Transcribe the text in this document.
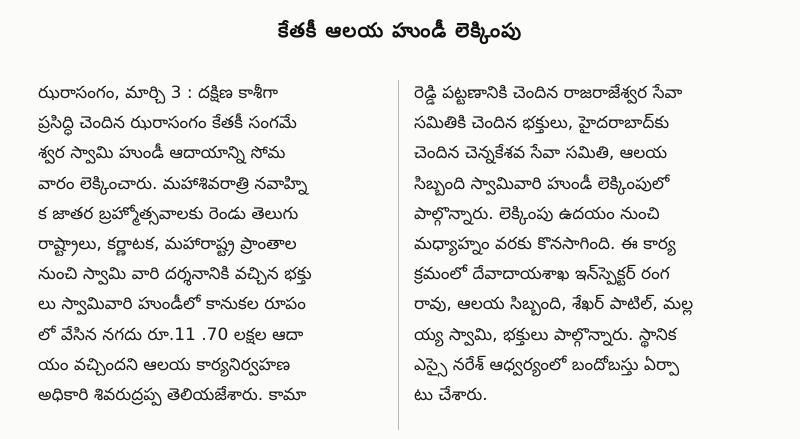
కేతకీ ఆలయ హుండీ లెక్కింపు
ఝరాసంగం, మార్చి 3 : దక్షిణ కాశీగా
ప్రసిద్ధి చెందిన ఝరాసంగం కేతకీ సంగమే
శ్వర స్వామి హుండీ ఆదాయాన్ని సోమ
వారం లెక్కించారు. మహాశివరాత్రి నవాహ్ని
క జాతర బ్రహ్మోత్సవాలకు రెండు తెలుగు
రాష్ట్రాలు, కర్ణాటక, మహారాష్ట్ర ప్రాంతాల
నుంచి స్వామి వారి దర్శనానికి వచ్చిన భక్తు
లు స్వామివారి హుండీలో కానుకల రూపం
లో వేసిన నగదు రూ.11 .70 లక్షల ఆదా
యం వచ్చిందని ఆలయ కార్యనిర్వహణ
అధికారి శివరుద్రప్ప తెలియజేశారు. కామా
రెడ్డి పట్టణానికి చెందిన రాజరాజేశ్వర సేవా
సమితికి చెందిన భక్తులు, హైదరాబాద్‌కు
చెందిన చెన్నకేశవ సేవా సమితి, ఆలయ
సిబ్బంది స్వామివారి హుండీ లెక్కింపులో
పాల్గొన్నారు. లెక్కింపు ఉదయం నుంచి
మధ్యాహ్నం వరకు కొనసాగింది. ఈ కార్య
క్రమంలో దేవాదాయశాఖ ఇన్‌స్పెక్టర్ రంగ
రావు, ఆలయ సిబ్బంది, శేఖర్ పాటిల్, మల్ల
య్య స్వామి, భక్తులు పాల్గొన్నారు. స్థానిక
ఎస్సై నరేశ్ ఆధ్వర్యంలో బందోబస్తు ఏర్పా
టు చేశారు.
